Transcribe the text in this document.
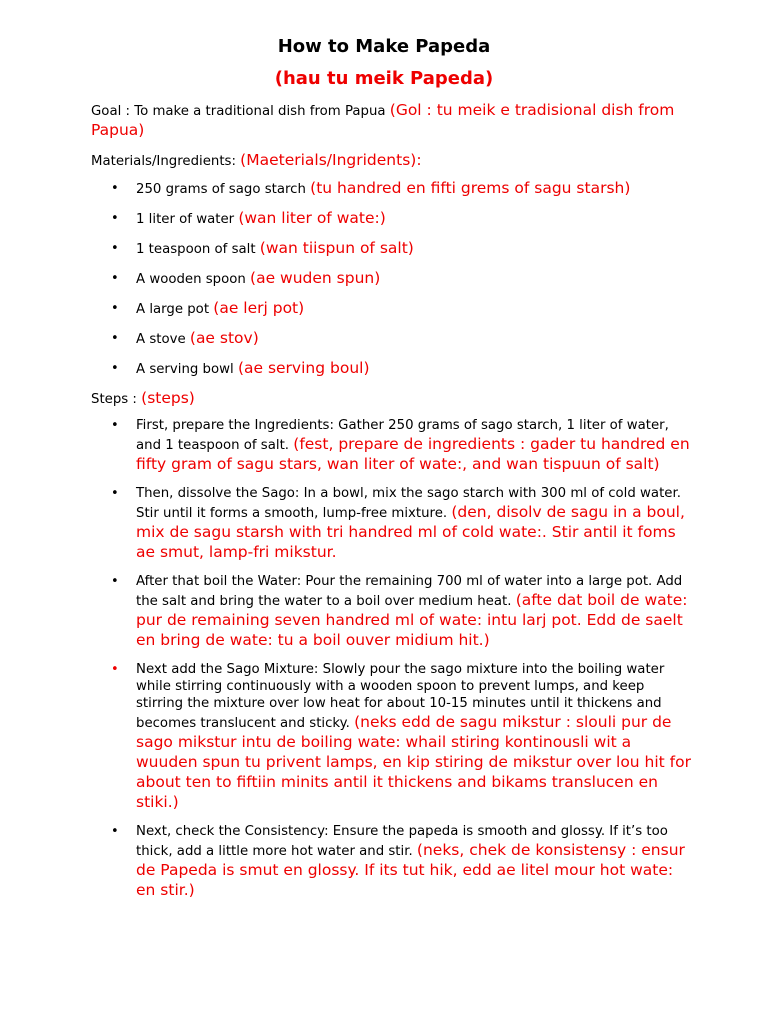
How to Make Papeda
(hau tu meik Papeda)

Goal : To make a traditional dish from Papua (Gol : tu meik e tradisional dish from Papua)

Materials/Ingredients: (Maeterials/Ingridents):

• 250 grams of sago starch (tu handred en fifti grems of sagu starsh)
• 1 liter of water (wan liter of wate:)
• 1 teaspoon of salt (wan tiispun of salt)
• A wooden spoon (ae wuden spun)
• A large pot (ae lerj pot)
• A stove (ae stov)
• A serving bowl (ae serving boul)

Steps : (steps)

• First, prepare the Ingredients: Gather 250 grams of sago starch, 1 liter of water, and 1 teaspoon of salt. (fest, prepare de ingredients : gader tu handred en fifty gram of sagu stars, wan liter of wate:, and wan tispuun of salt)
• Then, dissolve the Sago: In a bowl, mix the sago starch with 300 ml of cold water. Stir until it forms a smooth, lump-free mixture. (den, disolv de sagu in a boul, mix de sagu starsh with tri handred ml of cold wate:. Stir antil it foms ae smut, lamp-fri mikstur.
• After that boil the Water: Pour the remaining 700 ml of water into a large pot. Add the salt and bring the water to a boil over medium heat. (afte dat boil de wate: pur de remaining seven handred ml of wate: intu larj pot. Edd de saelt en bring de wate: tu a boil ouver midium hit.)
• Next add the Sago Mixture: Slowly pour the sago mixture into the boiling water while stirring continuously with a wooden spoon to prevent lumps, and keep stirring the mixture over low heat for about 10-15 minutes until it thickens and becomes translucent and sticky. (neks edd de sagu mikstur : slouli pur de sago mikstur intu de boiling wate: whail stiring kontinousli wit a wuuden spun tu privent lamps, en kip stiring de mikstur over lou hit for about ten to fiftiin minits antil it thickens and bikams translucen en stiki.)
• Next, check the Consistency: Ensure the papeda is smooth and glossy. If it’s too thick, add a little more hot water and stir. (neks, chek de konsistensy : ensur de Papeda is smut en glossy. If its tut hik, edd ae litel mour hot wate: en stir.)
